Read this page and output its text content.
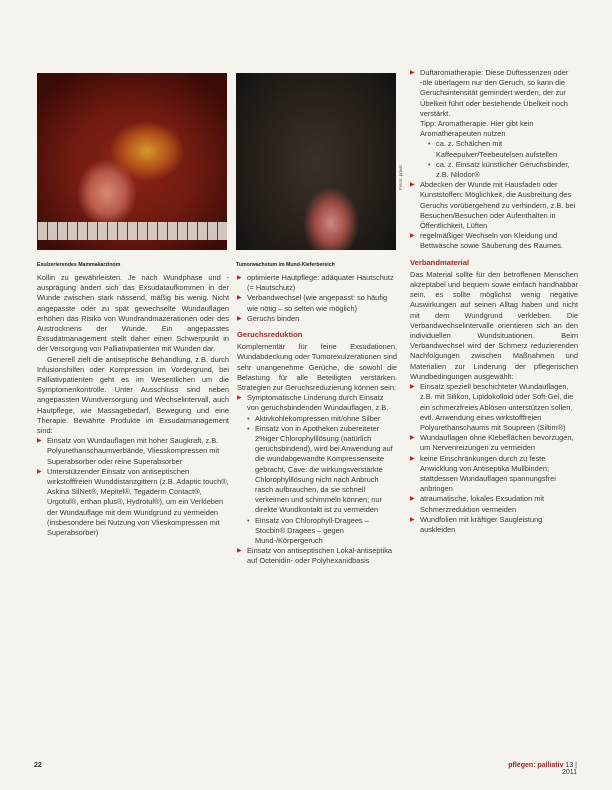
Exulzerierendes Mammakarzinom	Tumorwachstum im Mund-Kieferbereich
Fotos: privat

Kollin zu gewährleisten. Je nach Wundphase und -ausprägung ändert sich das Exsudataufkommen in der Wunde zwischen stark nässend, mäßig bis wenig. Nicht angepasste oder zu spät gewechselte Wundauflagen erhöhen das Risiko von Wundrandmazerationen oder des Austrocknens der Wunde. Ein angepasstes Exsudatmanagement stellt daher einen Schwerpunkt in der Versorgung von Palliativpatienten mit Wunden dar.

Generell zielt die antiseptische Behandlung, z.B. durch Infusionshilfen oder Kompression im Vordergrund, bei Palliativpatienten geht es im Wesentlichen um die Symptomenkontrolle. Unter Ausschluss sind neben angepassten Wundversorgung und Wechselintervall, auch Hautpflege, wie Massagebedarf, Bewegung und eine Therapie. Bewährte Produkte im Exsudatmanagement sind:

▶ Einsatz von Wundauflagen mit hoher Saugkraft, z.B. Polyurethanschaumverbände, Vliesskompressen mit Superabsorber oder reine Superabsorber
▶ Unterstützender Einsatz von antiseptischen wirkstofffreien Wunddistanzgittern (z.B. Adaptic touch®, Askina SilNet®, Mepitel®, Tegaderm Contact®, Urgotul®, erthan plus®, Hydrotul®), um ein Verkleben der Wundauflage mit dem Wundgrund zu vermeiden (insbesondere bei Nutzung von Vlieskompressen mit Superabsorber)
▶ optimierte Hautpflege: adäquater Hautschutz (= Hautschutz)
▶ Verbandwechsel (wie angepasst: so häufig wie nötig – so selten wie möglich)
▶ Geruchs binden
Geruchsreduktion

Komplementär für feine Exsudationen, Wundabdeckung oder Tumorexulzerationen sind sehr unangenehme Gerüche, die sowohl die Belastung für alle Beteiligten verstärken. Strategien zur Geruchsreduzierung können sein:

▶ Symptomatische Linderung durch Einsatz von geruchsbindenden Wundauflagen, z.B.
• Aktivkohlekompressen mit/ohne Silber
• Einsatz von in Apotheken zubereiteter 2%iger Chlorophylllösung (natürlich geruchsbindend), wird bei Anwendung auf die wundabgewandte Kompressenseite gebracht, Cave: die wirkungsverstärkte Chlorophylllösung nicht nach Anbruch rasch aufbrauchen, da sie schnell verkeimen und schimmeln können; nur direkte Wundkontakt ist zu vermeiden
• Einsatz von Chlorophyll-Dragees – Stocbin® Dragees – gegen Mund-/Körpergeruch
▶ Einsatz von antiseptischen Lokal-antiseptika auf Octenidin- oder Polyhexanidbasis
▶ Duftaromatherapie: Diese Duftessenzen oder -öle überlagern nur den Geruch, so kann die Geruchsintensität gemindert werden, der zur Übelkeit führt oder bestehende Übelkeit noch verstärkt.
Tipp: Aromatherapie. Hier gibt kein Aromatherapeuten nutzen
• ca. z. Schälchen mit Kaffeepulver/Teebeutelsen aufstellen
• ca. z. Einsatz künstlicher Geruchsbinder, z.B. Nilodor®
▶ Abdecken der Wunde mit Hausfaden oder Kunststoffen: Möglichkeit, die Ausbreitung des Geruchs vorübergehend zu verhindern, z.B. bei Besuchen/Besuchen oder Aufenthalten in Öffentlichkeit, Lüften
▶ regelmäßiger Wechseln von Kleidung und Bettwäsche sowie Säuberung des Raumes.
Verbandmaterial

Das Material sollte für den betroffenen Menschen akzeptabel und bequem sowie einfach handhabbar sein, es sollte möglichst wenig negative Auswirkungen auf seinen Alltag haben und nicht mit dem Wundgrund verkleben. Die Verbandwechselintervalle orientieren sich an den individuellen Wundsituationen. Beim Verbandwechsel wird der Schmerz reduzierenden Nachfolgungen zwischen Maßnahmen und Materialien zur Linderung der pflegerischen Wundbedingungen ausgewählt:

▶ Einsatz speziell beschichteter Wundauflagen, z.B. mit Silikon, Lipidokolloid oder Soft-Gel, die ein schmerzfreies Ablösen unterstützen sollen, evtl. Anwendung eines wirkstofffreien Polyurethanschaums mit Soupreen (Siltim®)
▶ Wundauflagen ohne Klebeflächen bevorzugen, um Nervenreizungen zu vermeiden
▶ keine Einschränkungen durch zu feste Anwicklung von Antiseptika Mullbinden; stattdessen Wundauflagen spannungsfrei anbringen
▶ atraumatische, lokales Exsudation mit Schmerzreduktion vermeiden
▶ Wundfolien mit kräftiger Saugleistung auskleiden
22	pflegen: palliativ 13 | 2011
